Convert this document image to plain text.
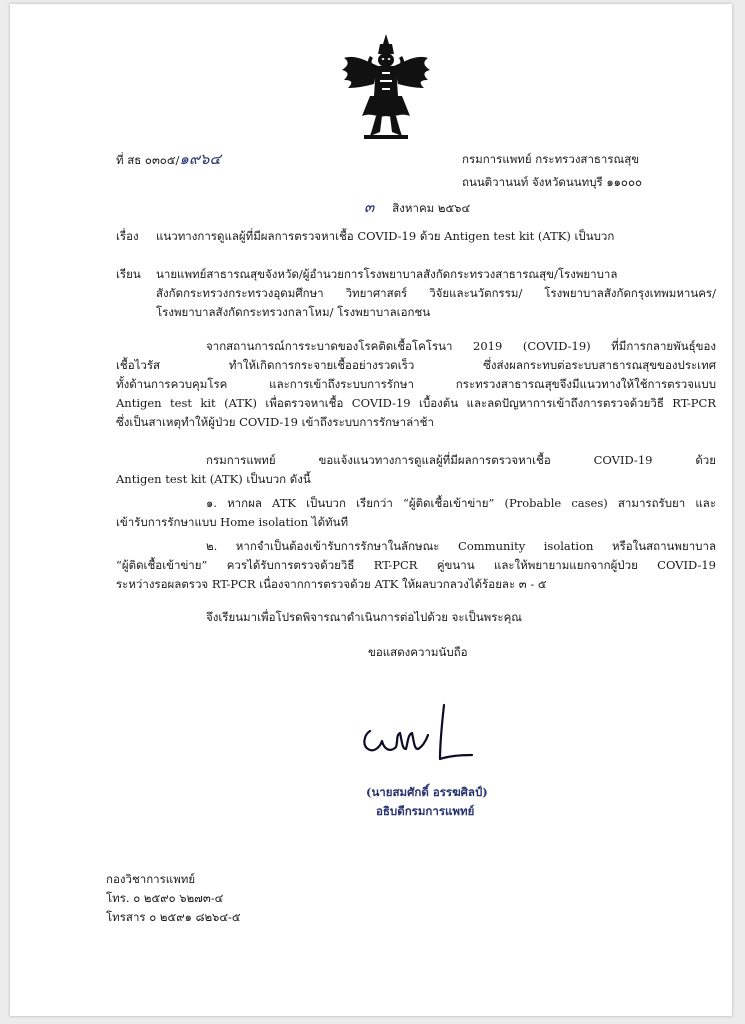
ที่ สธ ๐๓๐๕/๑๙๖๔	กรมการแพทย์ กระทรวงสาธารณสุข
ถนนติวานนท์ จังหวัดนนทบุรี ๑๑๐๐๐
๓ สิงหาคม ๒๕๖๔
เรื่อง แนวทางการดูแลผู้ที่มีผลการตรวจหาเชื้อ COVID-19 ด้วย Antigen test kit (ATK) เป็นบวก
เรียน นายแพทย์สาธารณสุขจังหวัด/ผู้อำนวยการโรงพยาบาลสังกัดกระทรวงสาธารณสุข/โรงพยาบาล
สังกัดกระทรวงกระทรวงอุดมศึกษา วิทยาศาสตร์ วิจัยและนวัตกรรม/ โรงพยาบาลสังกัดกรุงเทพมหานคร/
โรงพยาบาลสังกัดกระทรวงกลาโหม/ โรงพยาบาลเอกชน
จากสถานการณ์การระบาดของโรคติดเชื้อโคโรนา 2019 (COVID-19) ที่มีการกลายพันธุ์ของ
เชื้อไวรัส ทำให้เกิดการกระจายเชื้ออย่างรวดเร็ว ซึ่งส่งผลกระทบต่อระบบสาธารณสุขของประเทศ
ทั้งด้านการควบคุมโรค และการเข้าถึงระบบการรักษา กระทรวงสาธารณสุขจึงมีแนวทางให้ใช้การตรวจแบบ
Antigen test kit (ATK) เพื่อตรวจหาเชื้อ COVID-19 เบื้องต้น และลดปัญหาการเข้าถึงการตรวจด้วยวิธี RT-PCR
ซึ่งเป็นสาเหตุทำให้ผู้ป่วย COVID-19 เข้าถึงระบบการรักษาล่าช้า
กรมการแพทย์ ขอแจ้งแนวทางการดูแลผู้ที่มีผลการตรวจหาเชื้อ COVID-19 ด้วย
Antigen test kit (ATK) เป็นบวก ดังนี้
๑. หากผล ATK เป็นบวก เรียกว่า “ผู้ติดเชื้อเข้าข่าย” (Probable cases) สามารถรับยา และ
เข้ารับการรักษาแบบ Home isolation ได้ทันที
๒. หากจำเป็นต้องเข้ารับการรักษาในลักษณะ Community isolation หรือในสถานพยาบาล
“ผู้ติดเชื้อเข้าข่าย” ควรได้รับการตรวจด้วยวิธี RT-PCR คู่ขนาน และให้พยายามแยกจากผู้ป่วย COVID-19
ระหว่างรอผลตรวจ RT-PCR เนื่องจากการตรวจด้วย ATK ให้ผลบวกลวงได้ร้อยละ ๓ - ๕
จึงเรียนมาเพื่อโปรดพิจารณาดำเนินการต่อไปด้วย จะเป็นพระคุณ
ขอแสดงความนับถือ
(นายสมศักดิ์ อรรฆศิลป์)
อธิบดีกรมการแพทย์
กองวิชาการแพทย์
โทร. ๐ ๒๕๙๐ ๖๒๗๓-๔
โทรสาร ๐ ๒๕๙๑ ๘๒๖๔-๕
